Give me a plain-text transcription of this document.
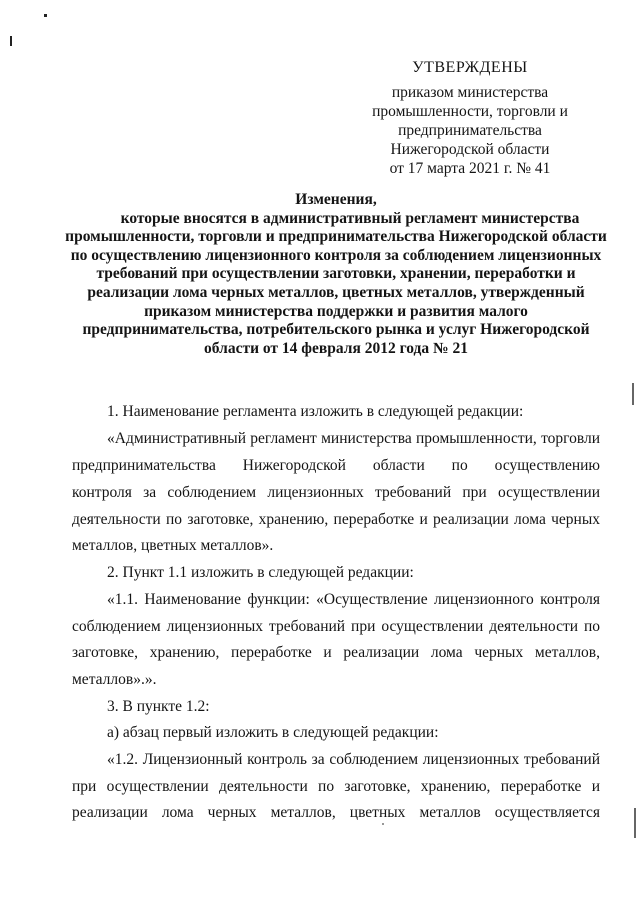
УТВЕРЖДЕНЫ
приказом министерства
промышленности, торговли и
предпринимательства
Нижегородской области
от 17 марта 2021 г. № 41
Изменения,
которые вносятся в административный регламент министерства
промышленности, торговли и предпринимательства Нижегородской области
по осуществлению лицензионного контроля за соблюдением лицензионных
требований при осуществлении заготовки, хранении, переработки и
реализации лома черных металлов, цветных металлов, утвержденный
приказом министерства поддержки и развития малого
предпринимательства, потребительского рынка и услуг Нижегородской
области от 14 февраля 2012 года № 21
1. Наименование регламента изложить в следующей редакции:
«Административный регламент министерства промышленности, торговли
предпринимательства Нижегородской области по осуществлению
контроля за соблюдением лицензионных требований при осуществлении
деятельности по заготовке, хранению, переработке и реализации лома черных
металлов, цветных металлов».
2. Пункт 1.1 изложить в следующей редакции:
«1.1. Наименование функции: «Осуществление лицензионного контроля
соблюдением лицензионных требований при осуществлении деятельности по
заготовке, хранению, переработке и реализации лома черных металлов,
металлов».».
3. В пункте 1.2:
а) абзац первый изложить в следующей редакции:
«1.2. Лицензионный контроль за соблюдением лицензионных требований
при осуществлении деятельности по заготовке, хранению, переработке и
реализации лома черных металлов, цветных металлов осуществляется
